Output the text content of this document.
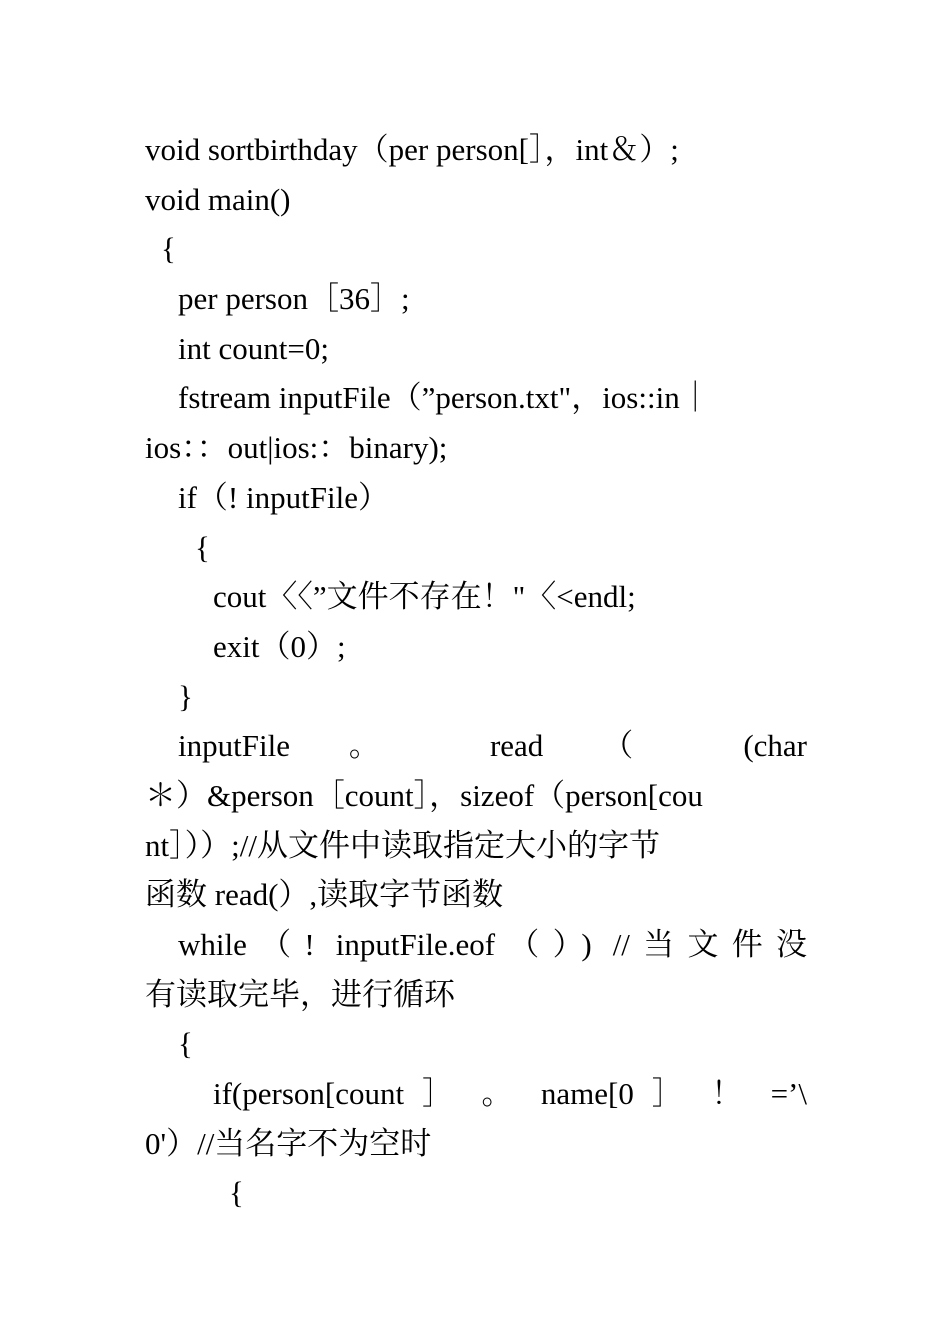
void sortbirthday（per person[］，int＆）;
void main()
{
per person［36］;
int count=0;
fstream inputFile（”person.txt"，ios::in｜
ios：：out|ios:：binary);
if（! inputFile）
{
cout〈〈”文件不存在！"〈<endl;
exit（0）;
}
inputFile 。 read （ (char
＊）&person［count］，sizeof（person[cou
nt］））;//从文件中读取指定大小的字节
函数 read(）,读取字节函数
while（! inputFile.eof（）) //当文件没
有读取完毕，进行循环
{
if(person[count ］ 。 name[0 ］ ！ =’\
0'）//当名字不为空时
{
